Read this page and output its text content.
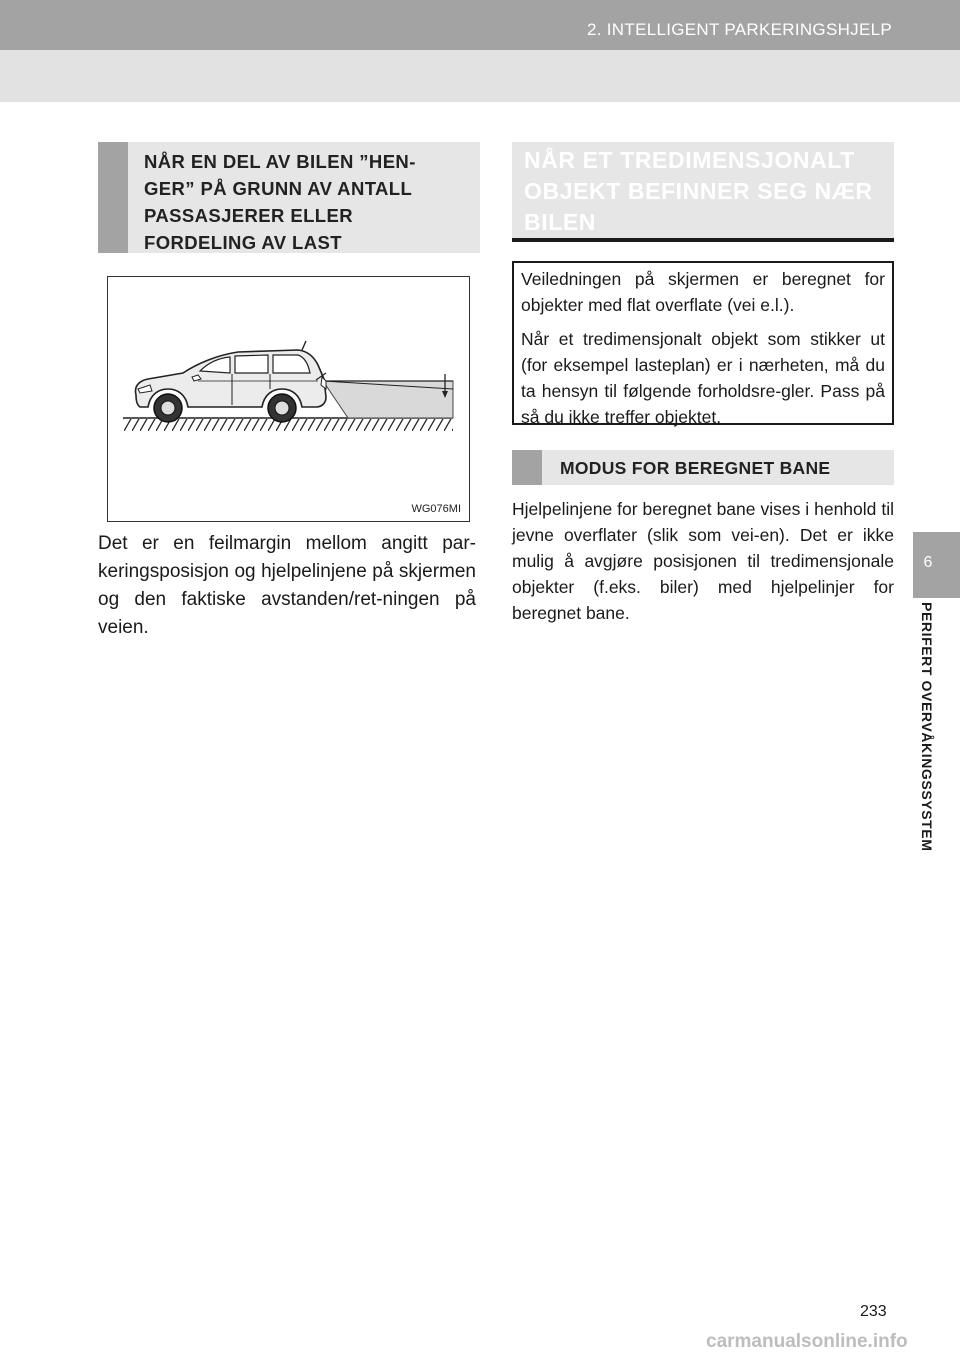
2. INTELLIGENT PARKERINGSHJELP
6
PERIFERT OVERVÅKINGSSYSTEM
NÅR EN DEL AV BILEN ”HEN-
GER” PÅ GRUNN AV ANTALL
PASSASJERER ELLER
FORDELING AV LAST
WG076MI
Det er en feilmargin mellom angitt par-keringsposisjon og hjelpelinjene på skjermen og den faktiske avstanden/ret-ningen på veien.
NÅR ET TREDIMENSJONALT
OBJEKT BEFINNER SEG NÆR
BILEN

Veiledningen på skjermen er beregnet for objekter med flat overflate (vei e.l.).

Når et tredimensjonalt objekt som stikker ut (for eksempel lasteplan) er i nærheten, må du ta hensyn til følgende forholdsre-gler. Pass på så du ikke treffer objektet.

MODUS FOR BEREGNET BANE
Hjelpelinjene for beregnet bane vises i henhold til jevne overflater (slik som vei-en). Det er ikke mulig å avgjøre posisjonen til tredimensjonale objekter (f.eks. biler) med hjelpelinjer for beregnet bane.
233
carmanualsonline.info
